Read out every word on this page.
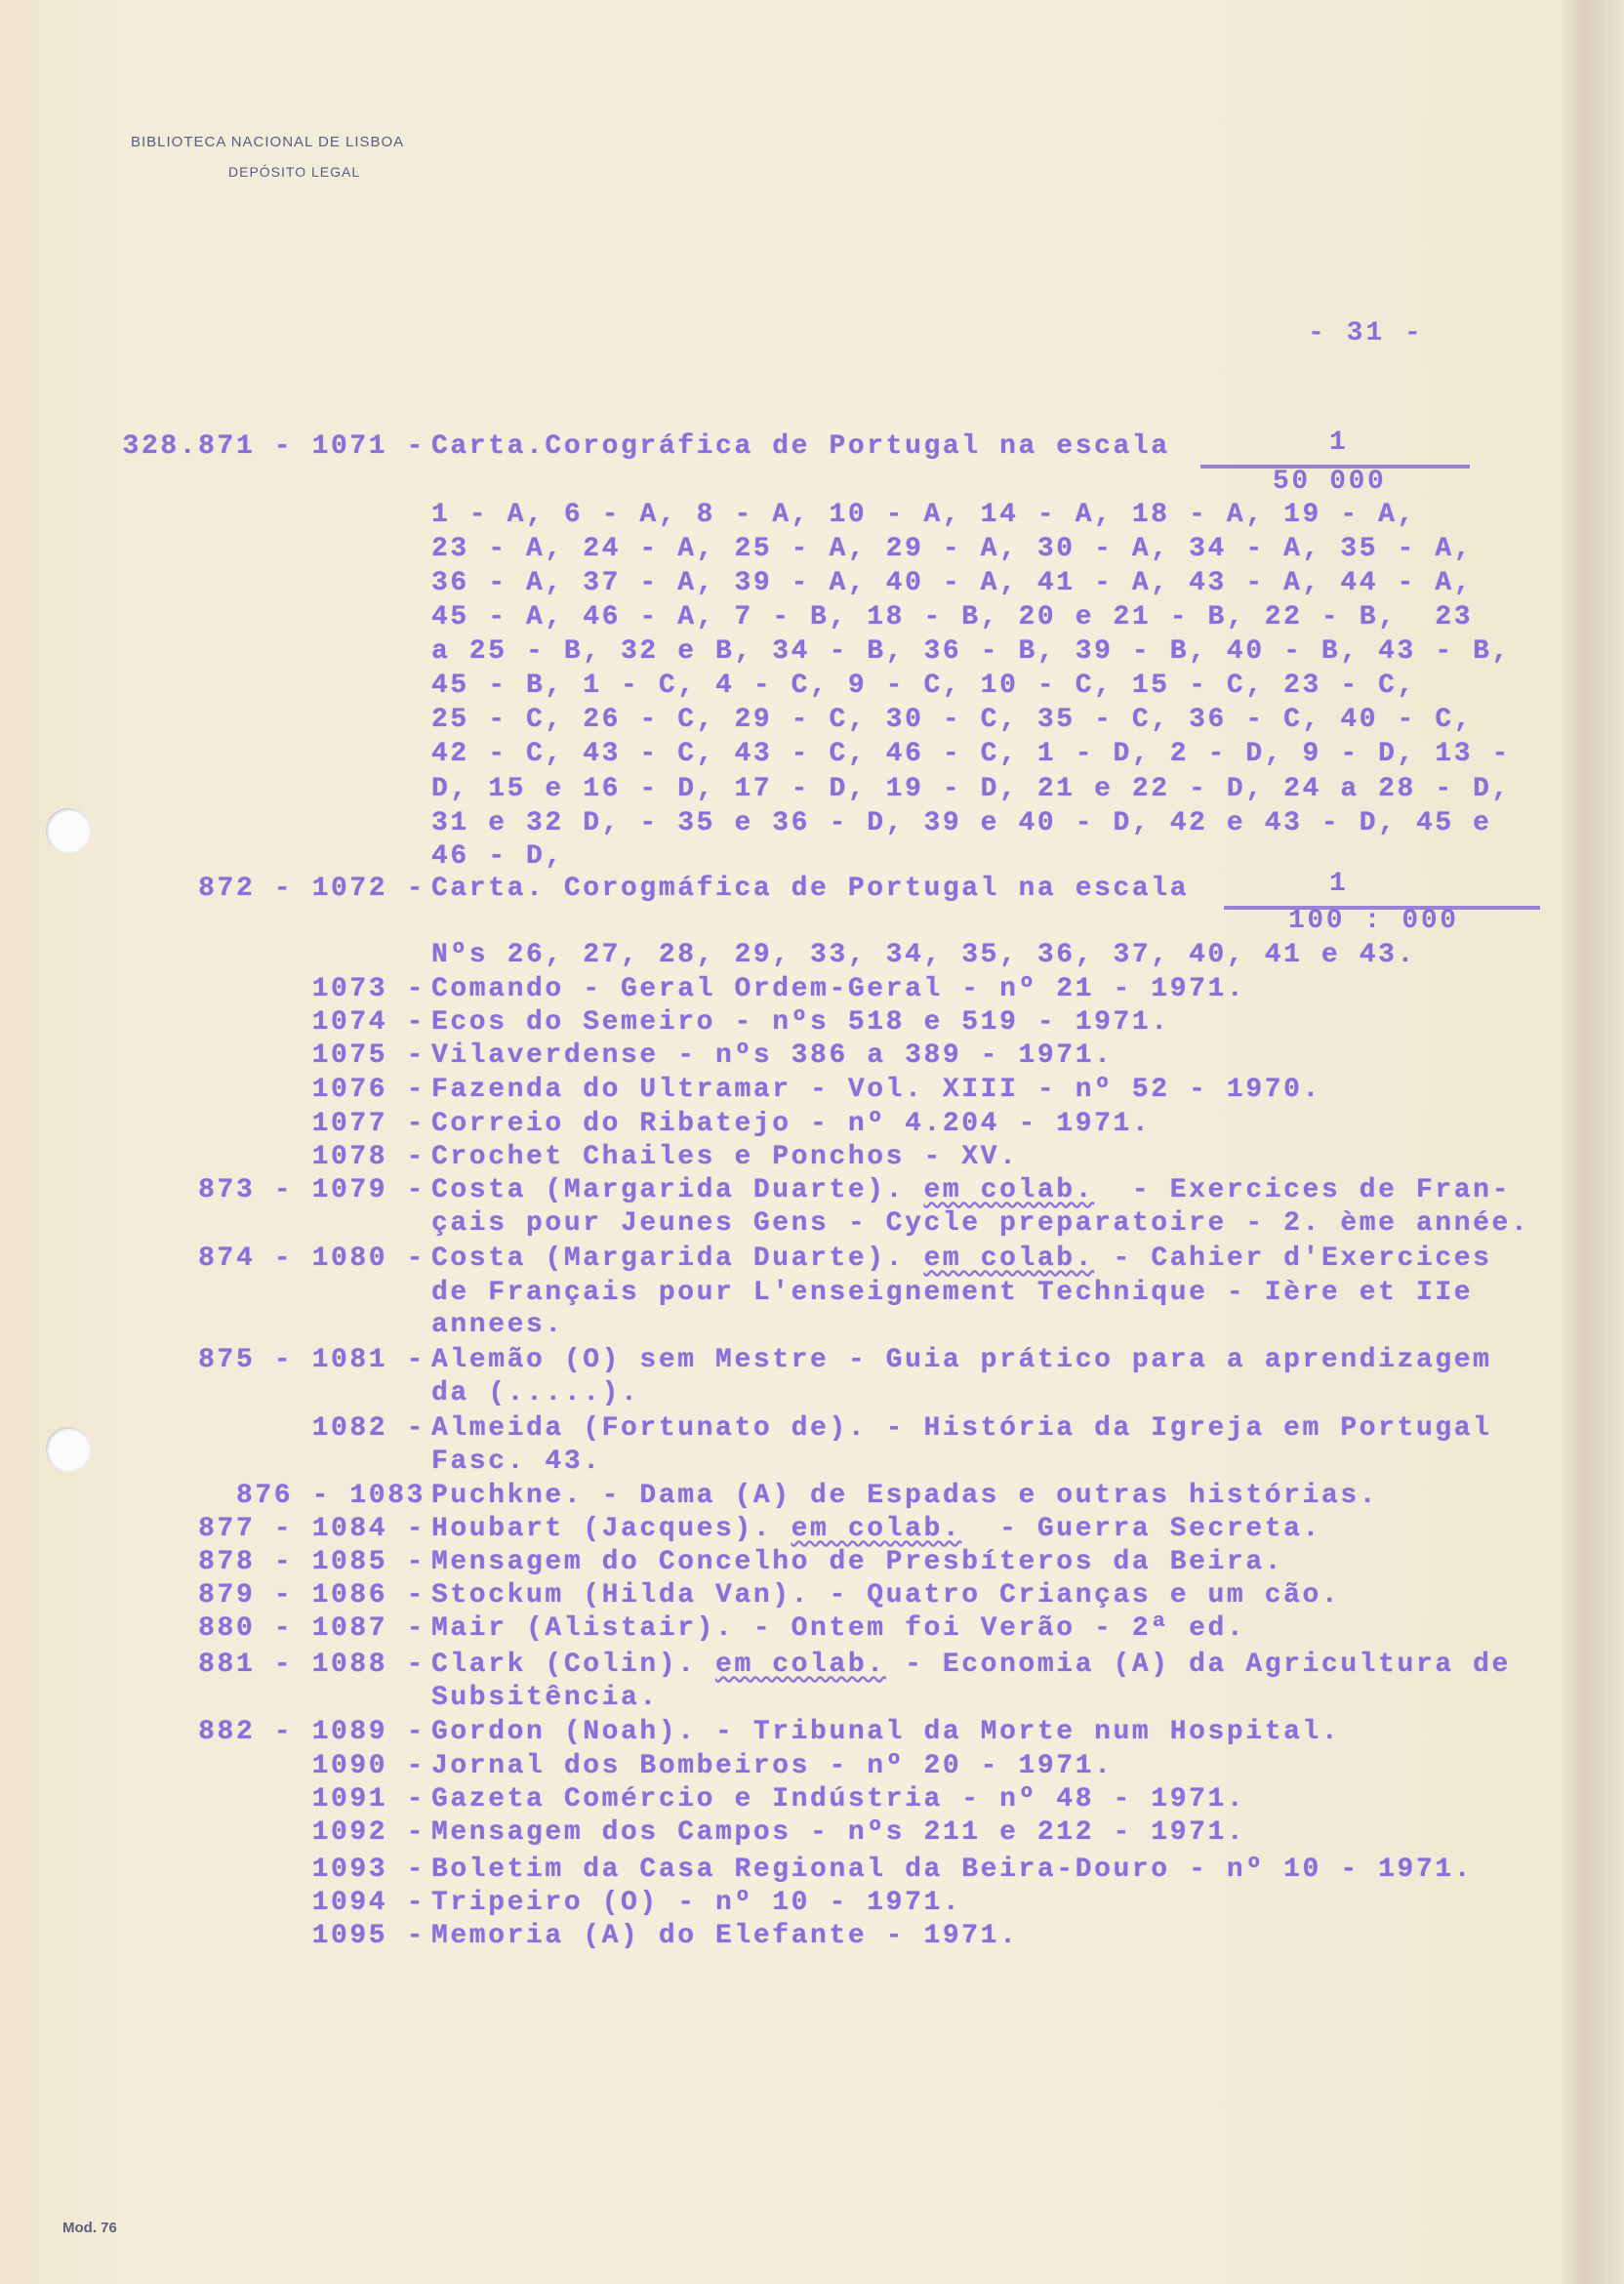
BIBLIOTECA NACIONAL DE LISBOA
DEPÓSITO LEGAL
- 31 -
328.871 - 1071 - Carta.Corográfica de Portugal na escala
1 - A, 6 - A, 8 - A, 10 - A, 14 - A, 18 - A, 19 - A,
23 - A, 24 - A, 25 - A, 29 - A, 30 - A, 34 - A, 35 - A,
36 - A, 37 - A, 39 - A, 40 - A, 41 - A, 43 - A, 44 - A,
45 - A, 46 - A, 7 - B, 18 - B, 20 e 21 - B, 22 - B,  23
a 25 - B, 32 e B, 34 - B, 36 - B, 39 - B, 40 - B, 43 - B,
45 - B, 1 - C, 4 - C, 9 - C, 10 - C, 15 - C, 23 - C,
25 - C, 26 - C, 29 - C, 30 - C, 35 - C, 36 - C, 40 - C,
42 - C, 43 - C, 43 - C, 46 - C, 1 - D, 2 - D, 9 - D, 13 -
D, 15 e 16 - D, 17 - D, 19 - D, 21 e 22 - D, 24 a 28 - D,
31 e 32 D, - 35 e 36 - D, 39 e 40 - D, 42 e 43 - D, 45 e
46 - D,
872 - 1072 - Carta. Corogmáfica de Portugal na escala
Nºs 26, 27, 28, 29, 33, 34, 35, 36, 37, 40, 41 e 43.
1073 - Comando - Geral Ordem-Geral - nº 21 - 1971.
1074 - Ecos do Semeiro - nºs 518 e 519 - 1971.
1075 - Vilaverdense - nºs 386 a 389 - 1971.
1076 - Fazenda do Ultramar - Vol. XIII - nº 52 - 1970.
1077 - Correio do Ribatejo - nº 4.204 - 1971.
1078 - Crochet Chailes e Ponchos - XV.
873 - 1079 - Costa (Margarida Duarte). em colab.  - Exercices de Fran-
çais pour Jeunes Gens - Cycle preparatoire - 2. ème année.
874 - 1080 - Costa (Margarida Duarte). em colab. - Cahier d'Exercices
de Français pour L'enseignement Technique - Ière et IIe
annees.
875 - 1081 - Alemão (O) sem Mestre - Guia prático para a aprendizagem
da (.....).
1082 - Almeida (Fortunato de). - História da Igreja em Portugal
Fasc. 43.
876 - 1083 Puchkne. - Dama (A) de Espadas e outras histórias.
877 - 1084 - Houbart (Jacques). em colab.  - Guerra Secreta.
878 - 1085 - Mensagem do Concelho de Presbíteros da Beira.
879 - 1086 - Stockum (Hilda Van). - Quatro Crianças e um cão.
880 - 1087 - Mair (Alistair). - Ontem foi Verão - 2ª ed.
881 - 1088 - Clark (Colin). em colab. - Economia (A) da Agricultura de
Subsitência.
882 - 1089 - Gordon (Noah). - Tribunal da Morte num Hospital.
1090 - Jornal dos Bombeiros - nº 20 - 1971.
1091 - Gazeta Comércio e Indústria - nº 48 - 1971.
1092 - Mensagem dos Campos - nºs 211 e 212 - 1971.
1093 - Boletim da Casa Regional da Beira-Douro - nº 10 - 1971.
1094 - Tripeiro (O) - nº 10 - 1971.
1095 - Memoria (A) do Elefante - 1971.
1
50 000
1
100 : 000
Mod. 76
